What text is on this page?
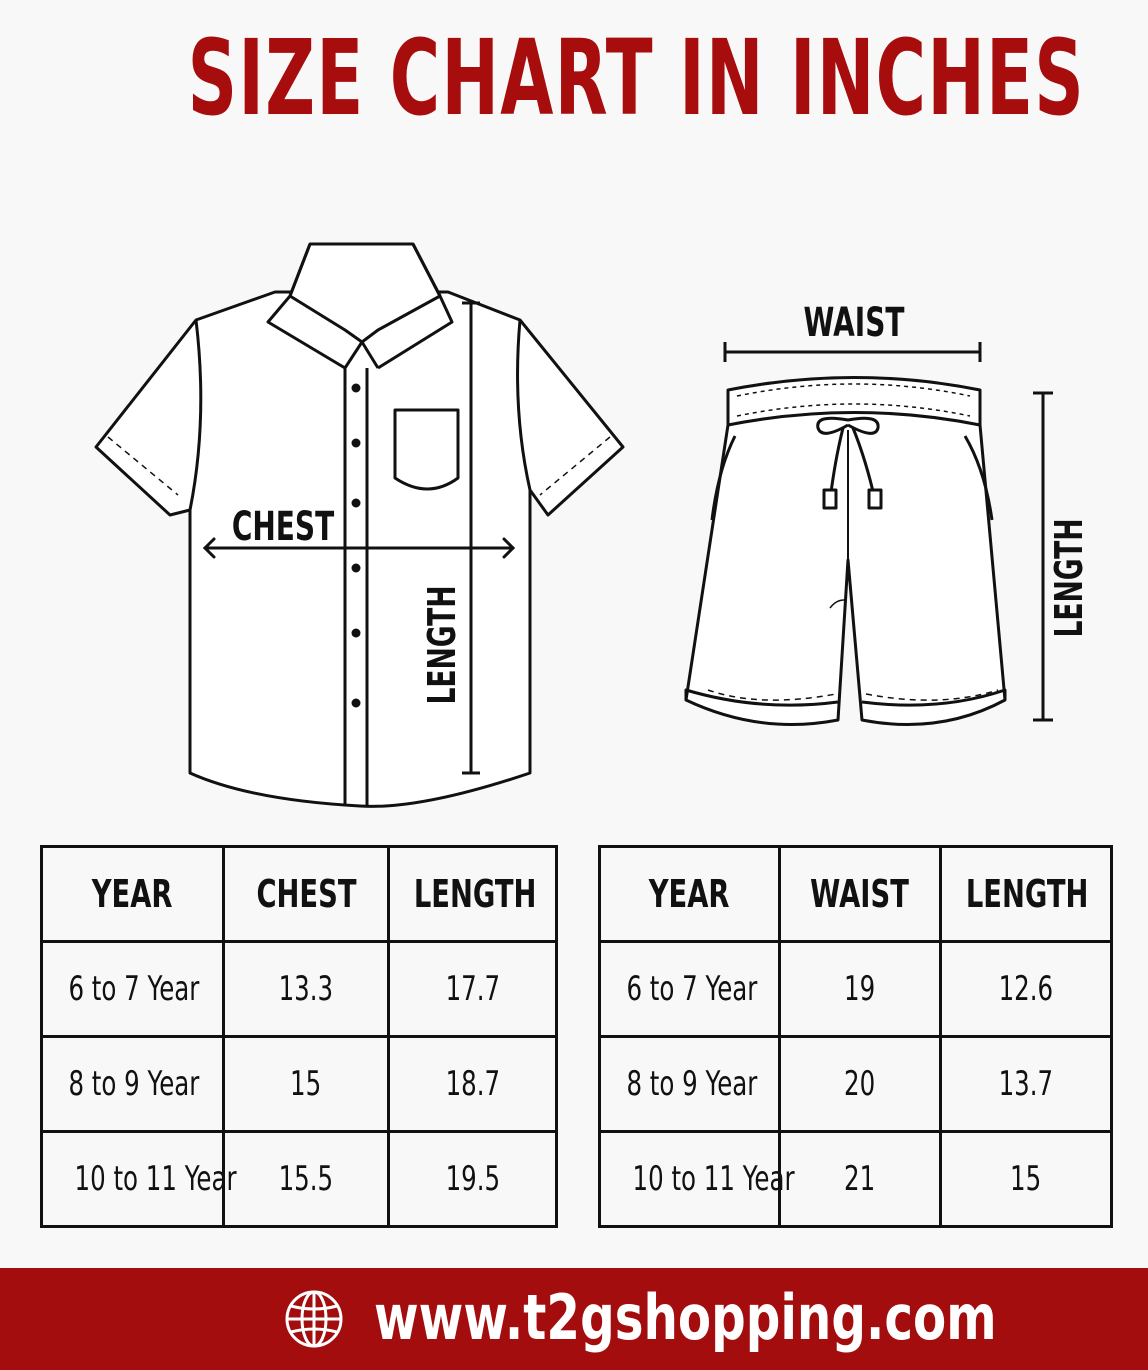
SIZE CHART IN INCHES
CHEST
LENGTH
WAIST
LENGTH
YEAR	CHEST	LENGTH
6 to 7 Year	13.3	17.7
8 to 9 Year	15	18.7
10 to 11 Year	15.5	19.5
YEAR	WAIST	LENGTH
6 to 7 Year	19	12.6
8 to 9 Year	20	13.7
10 to 11 Year	21	15
www.t2gshopping.com
